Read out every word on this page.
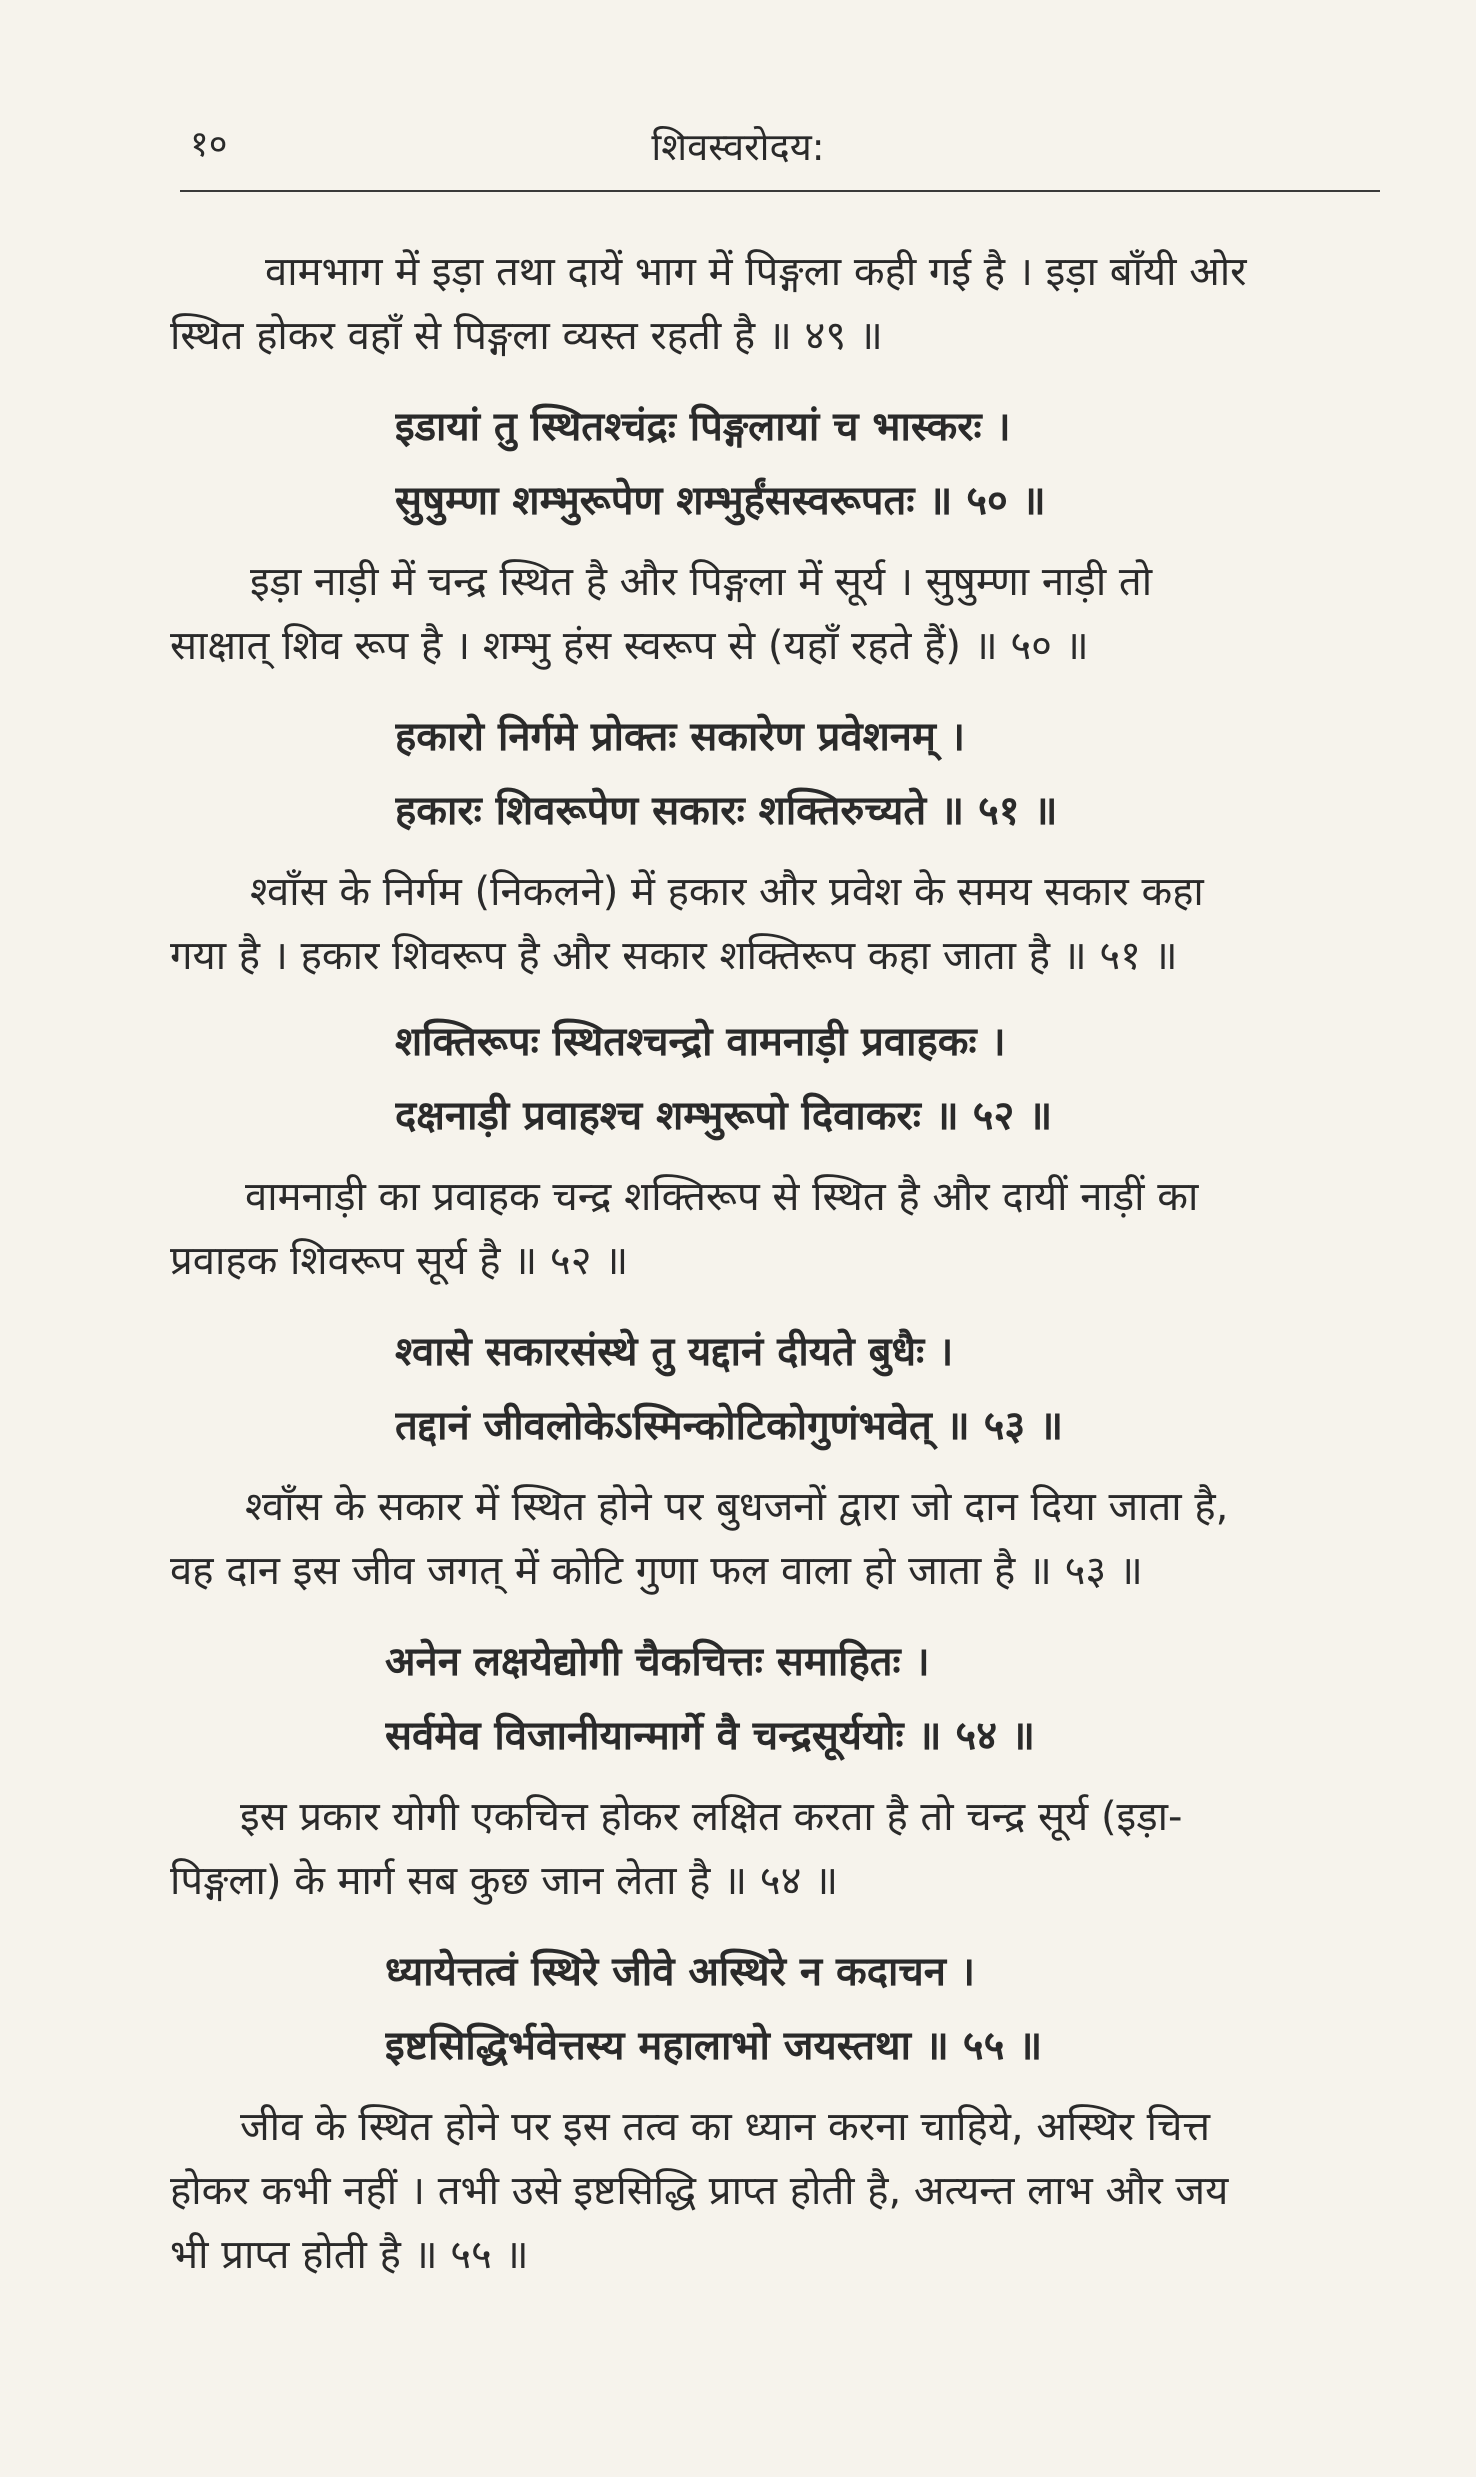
१०	शिवस्वरोदय:
वामभाग में इड़ा तथा दायें भाग में पिङ्गला कही गई है । इड़ा बाँयी ओर
स्थित होकर वहाँ से पिङ्गला व्यस्त रहती है ॥ ४९ ॥
इडायां तु स्थितश्चंद्रः पिङ्गलायां च भास्करः ।
सुषुम्णा शम्भुरूपेण शम्भुर्हंसस्वरूपतः ॥ ५० ॥
इड़ा नाड़ी में चन्द्र स्थित है और पिङ्गला में सूर्य । सुषुम्णा नाड़ी तो
साक्षात् शिव रूप है । शम्भु हंस स्वरूप से (यहाँ रहते हैं) ॥ ५० ॥
हकारो निर्गमे प्रोक्तः सकारेण प्रवेशनम् ।
हकारः शिवरूपेण सकारः शक्तिरुच्यते ॥ ५१ ॥
श्वाँस के निर्गम (निकलने) में हकार और प्रवेश के समय सकार कहा
गया है । हकार शिवरूप है और सकार शक्तिरूप कहा जाता है ॥ ५१ ॥
शक्तिरूपः स्थितश्चन्द्रो वामनाड़ी प्रवाहकः ।
दक्षनाड़ी प्रवाहश्च शम्भुरूपो दिवाकरः ॥ ५२ ॥
वामनाड़ी का प्रवाहक चन्द्र शक्तिरूप से स्थित है और दायीं नाड़ीं का
प्रवाहक शिवरूप सूर्य है ॥ ५२ ॥
श्वासे सकारसंस्थे तु यद्दानं दीयते बुधैः ।
तद्दानं जीवलोकेऽस्मिन्कोटिकोगुणंभवेत् ॥ ५३ ॥
श्वाँस के सकार में स्थित होने पर बुधजनों द्वारा जो दान दिया जाता है,
वह दान इस जीव जगत् में कोटि गुणा फल वाला हो जाता है ॥ ५३ ॥
अनेन लक्षयेद्योगी चैकचित्तः समाहितः ।
सर्वमेव विजानीयान्मार्गे वै चन्द्रसूर्ययोः ॥ ५४ ॥
इस प्रकार योगी एकचित्त होकर लक्षित करता है तो चन्द्र सूर्य (इड़ा-
पिङ्गला) के मार्ग सब कुछ जान लेता है ॥ ५४ ॥
ध्यायेत्तत्वं स्थिरे जीवे अस्थिरे न कदाचन ।
इष्टसिद्धिर्भवेत्तस्य महालाभो जयस्तथा ॥ ५५ ॥
जीव के स्थित होने पर इस तत्व का ध्यान करना चाहिये, अस्थिर चित्त
होकर कभी नहीं । तभी उसे इष्टसिद्धि प्राप्त होती है, अत्यन्त लाभ और जय
भी प्राप्त होती है ॥ ५५ ॥
